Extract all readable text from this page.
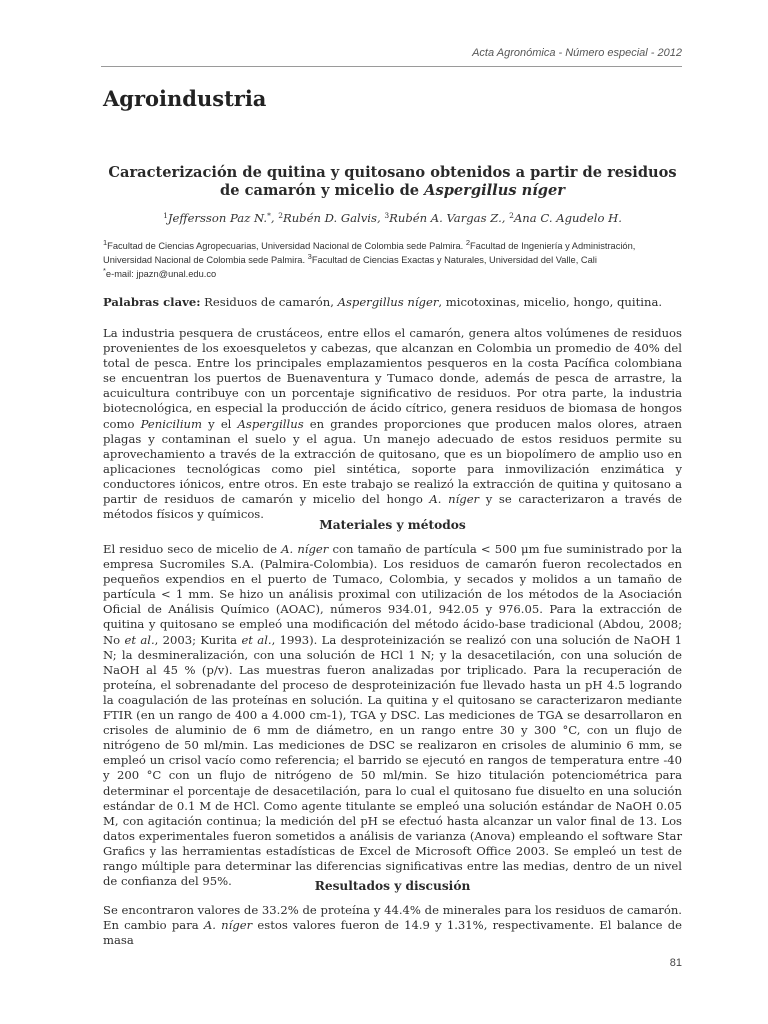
Acta Agronómica - Número especial - 2012
Agroindustria
Caracterización de quitina y quitosano obtenidos a partir de residuos
de camarón y micelio de Aspergillus níger
$^1$Jeffersson Paz N.*, $^2$Rubén D. Galvis, $^3$Rubén A. Vargas Z., $^2$Ana C. Agudelo H.
$^1$Facultad de Ciencias Agropecuarias, Universidad Nacional de Colombia sede Palmira. $^2$Facultad de Ingeniería y Administración, Universidad Nacional de Colombia sede Palmira. $^3$Facultad de Ciencias Exactas y Naturales, Universidad del Valle, Cali
*e-mail: jpazn@unal.edu.co
Palabras clave: Residuos de camarón, Aspergillus níger, micotoxinas, micelio, hongo, quitina.
La industria pesquera de crustáceos, entre ellos el camarón, genera altos volúmenes de residuos provenientes de los exoesqueletos y cabezas, que alcanzan en Colombia un promedio de 40% del total de pesca. Entre los principales emplazamientos pesqueros en la costa Pacífica colombiana se encuentran los puertos de Buenaventura y Tumaco donde, además de pesca de arrastre, la acuicultura contribuye con un porcentaje significativo de residuos. Por otra parte, la industria biotecnológica, en especial la producción de ácido cítrico, genera residuos de biomasa de hongos como Penicilium y el Aspergillus en grandes proporciones que producen malos olores, atraen plagas y contaminan el suelo y el agua. Un manejo adecuado de estos residuos permite su aprovechamiento a través de la extracción de quitosano, que es un biopolímero de amplio uso en aplicaciones tecnológicas como piel sintética, soporte para inmovilización enzimática y conductores iónicos, entre otros. En este trabajo se realizó la extracción de quitina y quitosano a partir de residuos de camarón y micelio del hongo A. níger y se caracterizaron a través de métodos físicos y químicos.
Materiales y métodos
El residuo seco de micelio de A. níger con tamaño de partícula < 500 μm fue suministrado por la empresa Sucromiles S.A. (Palmira-Colombia). Los residuos de camarón fueron recolectados en pequeños expendios en el puerto de Tumaco, Colombia, y secados y molidos a un tamaño de partícula < 1 mm. Se hizo un análisis proximal con utilización de los métodos de la Asociación Oficial de Análisis Químico (AOAC), números 934.01, 942.05 y 976.05. Para la extracción de quitina y quitosano se empleó una modificación del método ácido-base tradicional (Abdou, 2008; No et al., 2003; Kurita et al., 1993). La desproteinización se realizó con una solución de NaOH 1 N; la desmineralización, con una solución de HCl 1 N; y la desacetilación, con una solución de NaOH al 45 % (p/v). Las muestras fueron analizadas por triplicado. Para la recuperación de proteína, el sobrenadante del proceso de desproteinización fue llevado hasta un pH 4.5 logrando la coagulación de las proteínas en solución. La quitina y el quitosano se caracterizaron mediante FTIR (en un rango de 400 a 4.000 cm-1), TGA y DSC. Las mediciones de TGA se desarrollaron en crisoles de aluminio de 6 mm de diámetro, en un rango entre 30 y 300 °C, con un flujo de nitrógeno de 50 ml/min. Las mediciones de DSC se realizaron en crisoles de aluminio 6 mm, se empleó un crisol vacío como referencia; el barrido se ejecutó en rangos de temperatura entre -40 y 200 °C con un flujo de nitrógeno de 50 ml/min. Se hizo titulación potenciométrica para determinar el porcentaje de desacetilación, para lo cual el quitosano fue disuelto en una solución estándar de 0.1 M de HCl. Como agente titulante se empleó una solución estándar de NaOH 0.05 M, con agitación continua; la medición del pH se efectuó hasta alcanzar un valor final de 13. Los datos experimentales fueron sometidos a análisis de varianza (Anova) empleando el software Star Grafics y las herramientas estadísticas de Excel de Microsoft Office 2003. Se empleó un test de rango múltiple para determinar las diferencias significativas entre las medias, dentro de un nivel de confianza del 95%.	Resultados y discusión
Se encontraron valores de 33.2% de proteína y 44.4% de minerales para los residuos de camarón. En cambio para A. níger estos valores fueron de 14.9 y 1.31%, respectivamente. El balance de masa
81
